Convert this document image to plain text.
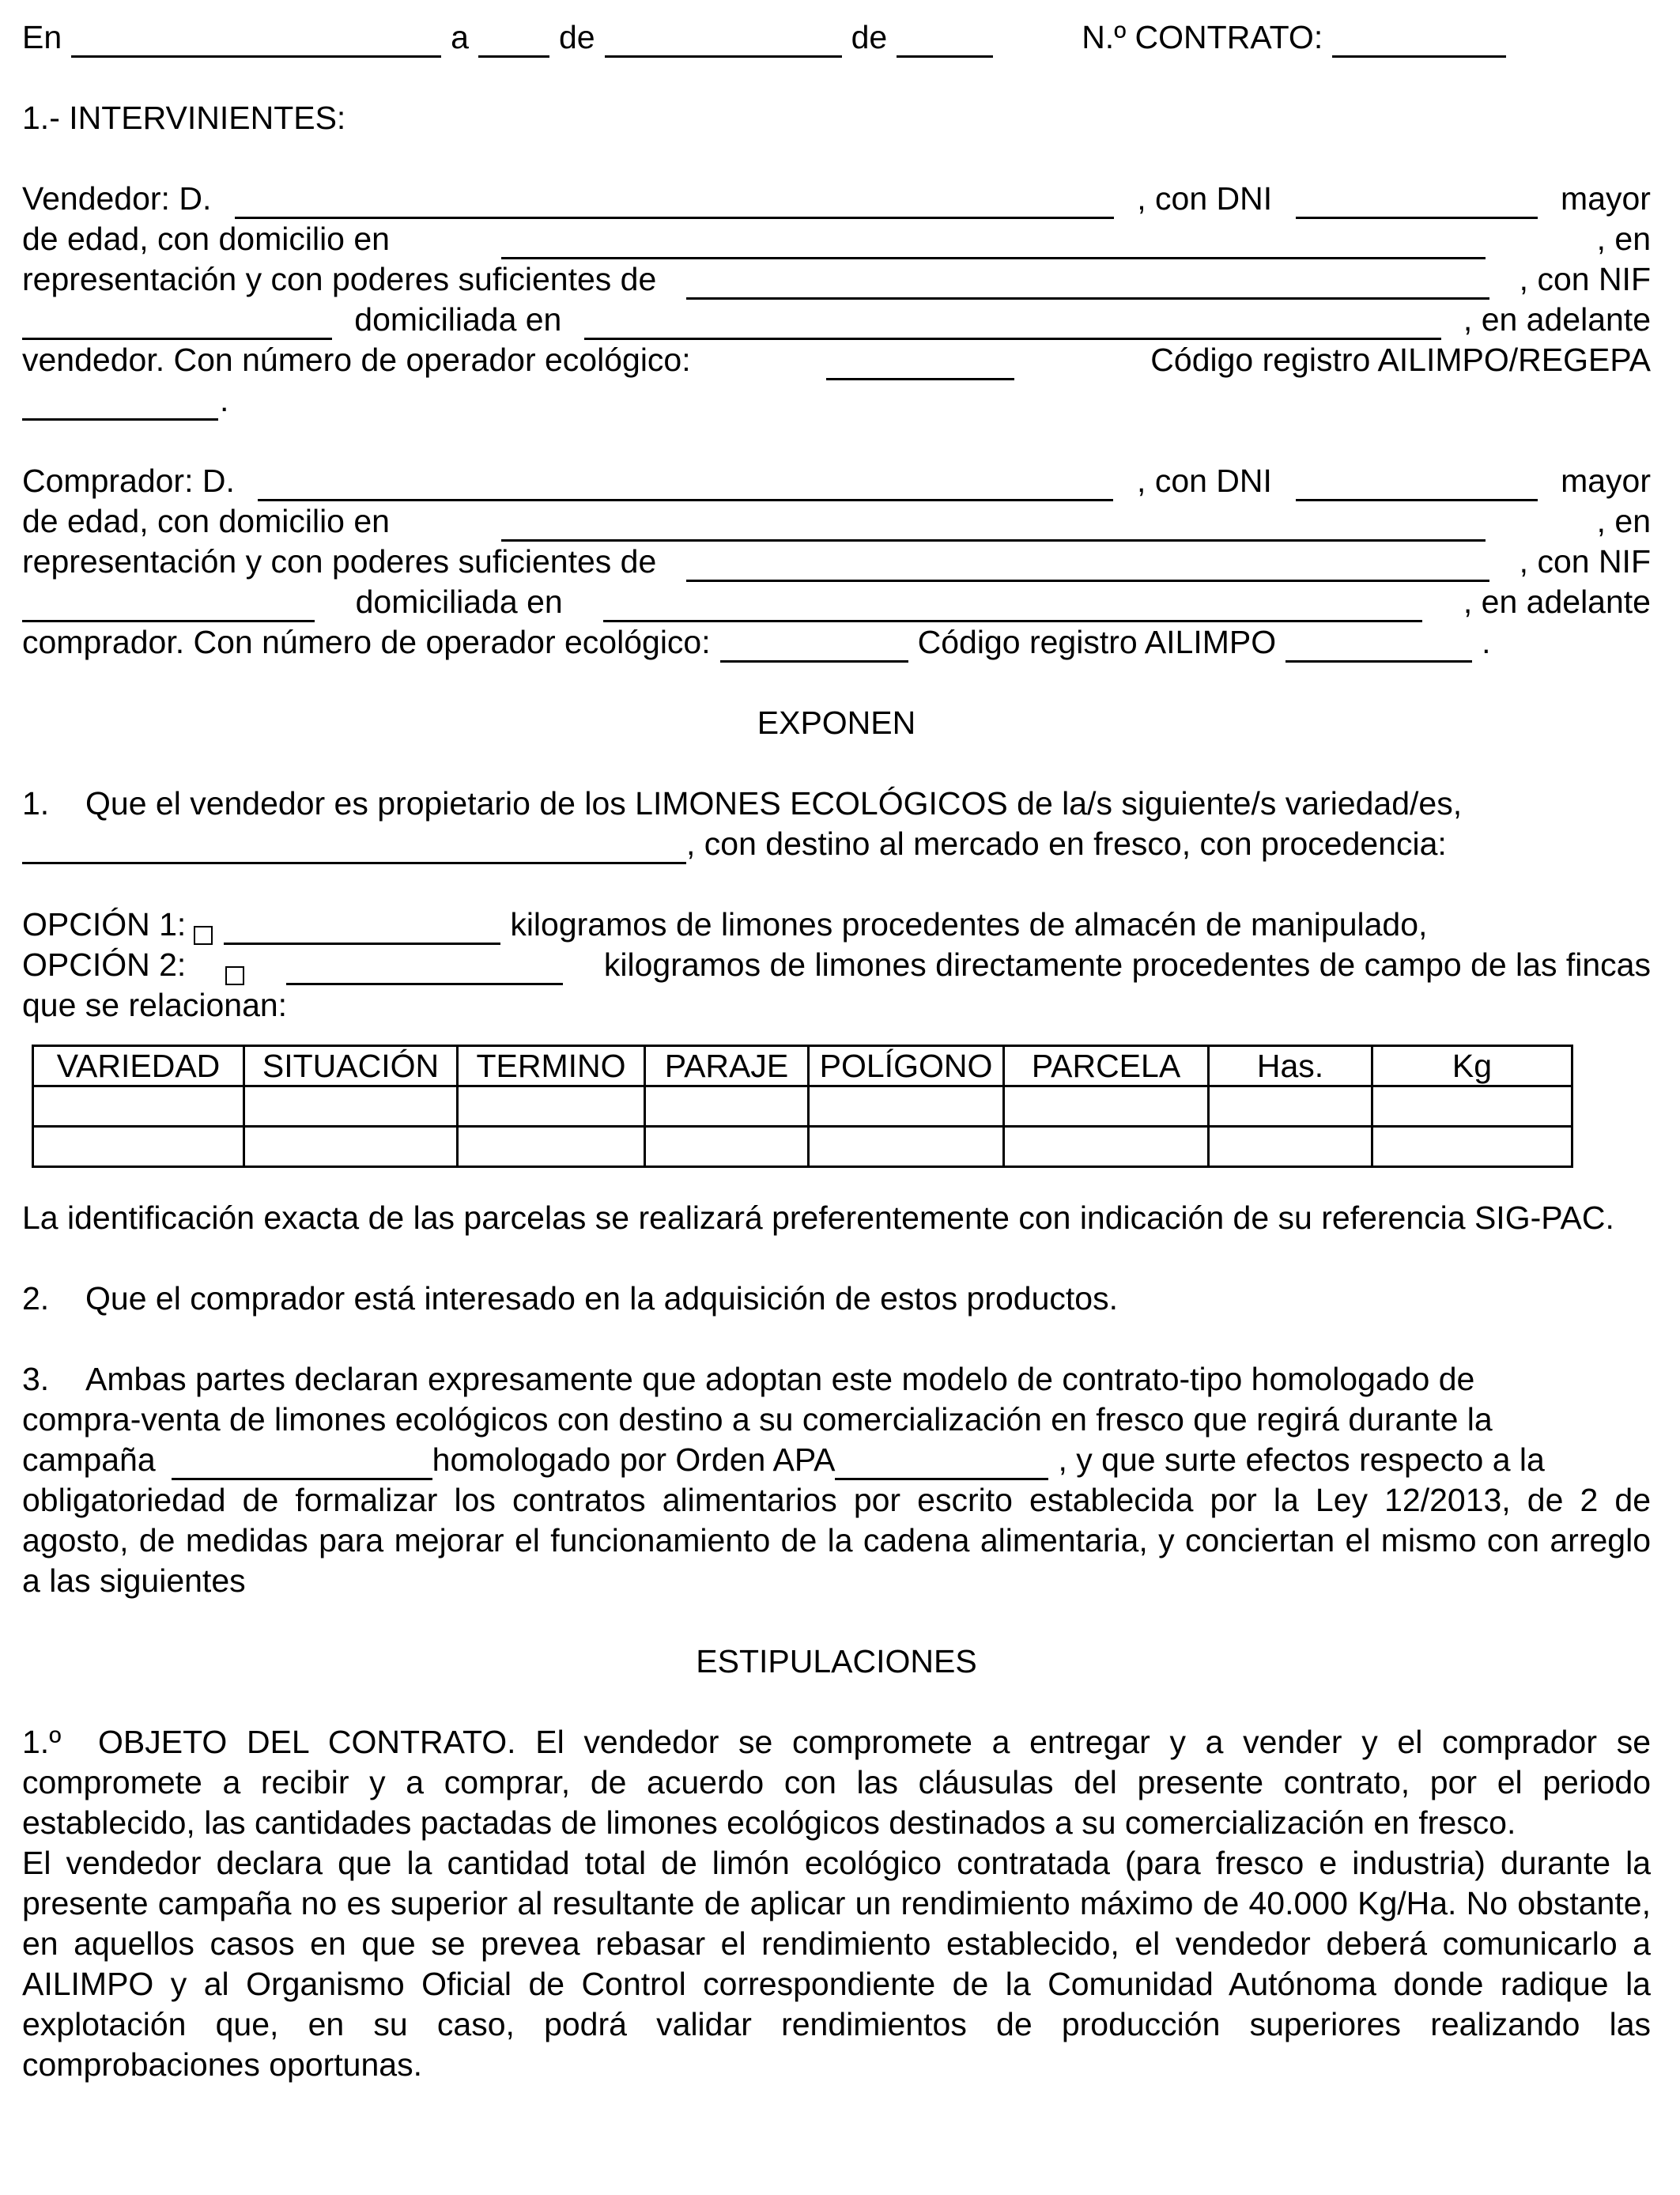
En	a	de	de	N.º CONTRATO:
1.- INTERVINIENTES:
Vendedor: D.	, con DNI	mayor
de edad, con domicilio en	, en
representación y con poderes suficientes de	, con NIF
domiciliada en	, en adelante
vendedor. Con número de operador ecológico:	Código registro AILIMPO/REGEPA
.
Comprador: D.	, con DNI	mayor
de edad, con domicilio en	, en
representación y con poderes suficientes de	, con NIF
domiciliada en	, en adelante
comprador. Con número de operador ecológico:	Código registro AILIMPO	.
EXPONEN
1. Que el vendedor es propietario de los LIMONES ECOLÓGICOS de la/s siguiente/s variedad/es,
, con destino al mercado en fresco, con procedencia:
OPCIÓN 1:	kilogramos de limones procedentes de almacén de manipulado,
OPCIÓN 2:	kilogramos de limones directamente procedentes de campo de las fincas
que se relacionan:
VARIEDAD	SITUACIÓN	TERMINO	PARAJE	POLÍGONO	PARCELA	Has.	Kg

La identificación exacta de las parcelas se realizará preferentemente con indicación de su referencia SIG-PAC.

2.	Que el comprador está interesado en la adquisición de estos productos.
3. Ambas partes declaran expresamente que adoptan este modelo de contrato-tipo homologado de
compra-venta de limones ecológicos con destino a su comercialización en fresco que regirá durante la
campaña	homologado por Orden APA	, y que surte efectos respecto a la

obligatoriedad de formalizar los contratos alimentarios por escrito establecida por la Ley 12/2013, de 2 de agosto, de medidas para mejorar el funcionamiento de la cadena alimentaria, y conciertan el mismo con arreglo a las siguientes

ESTIPULACIONES

1.º OBJETO DEL CONTRATO. El vendedor se compromete a entregar y a vender y el comprador se compromete a recibir y a comprar, de acuerdo con las cláusulas del presente contrato, por el periodo establecido, las cantidades pactadas de limones ecológicos destinados a su comercialización en fresco.

El vendedor declara que la cantidad total de limón ecológico contratada (para fresco e industria) durante la presente campaña no es superior al resultante de aplicar un rendimiento máximo de 40.000 Kg/Ha. No obstante, en aquellos casos en que se prevea rebasar el rendimiento establecido, el vendedor deberá comunicarlo a AILIMPO y al Organismo Oficial de Control correspondiente de la Comunidad Autónoma donde radique la explotación que, en su caso, podrá validar rendimientos de producción superiores realizando las comprobaciones oportunas.
